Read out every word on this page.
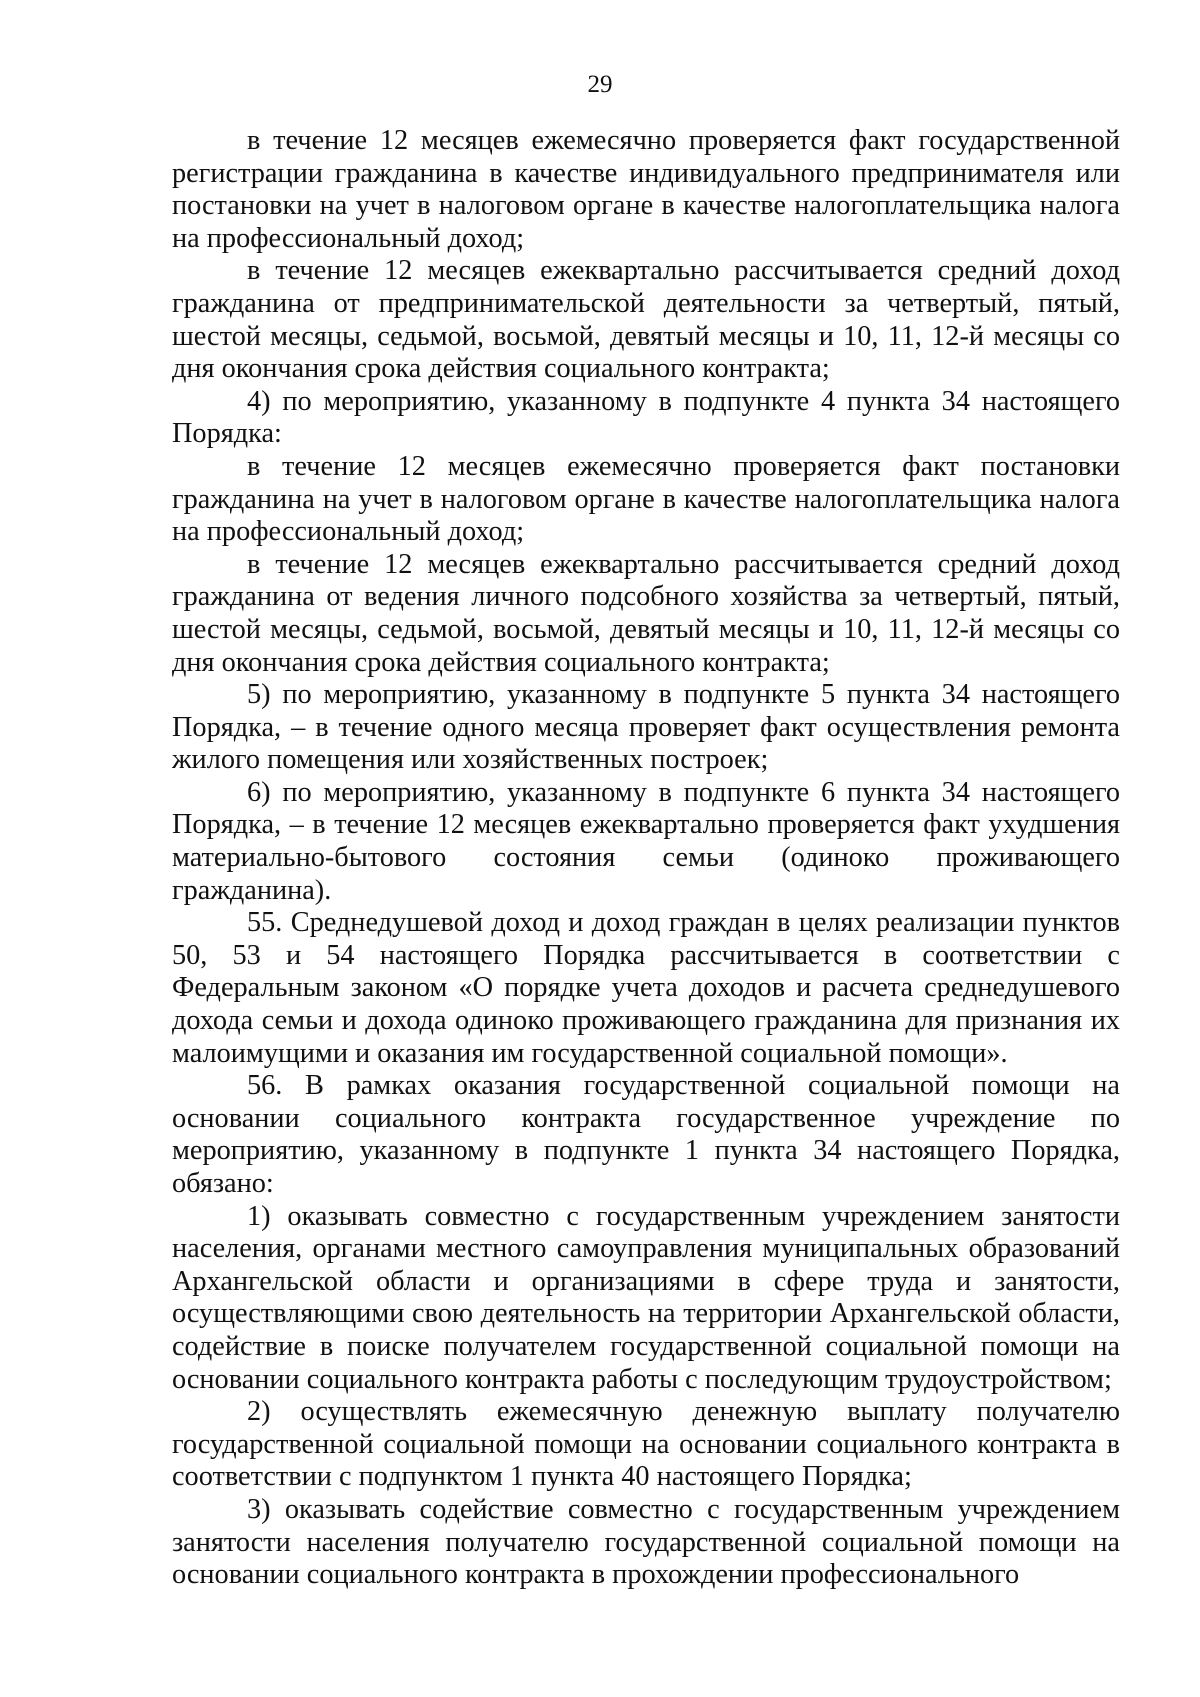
29

в течение 12 месяцев ежемесячно проверяется факт государственной регистрации гражданина в качестве индивидуального предпринимателя или постановки на учет в налоговом органе в качестве налогоплательщика налога на профессиональный доход;

в течение 12 месяцев ежеквартально рассчитывается средний доход гражданина от предпринимательской деятельности за четвертый, пятый, шестой месяцы, седьмой, восьмой, девятый месяцы и 10, 11, 12-й месяцы со дня окончания срока действия социального контракта;

4) по мероприятию, указанному в подпункте 4 пункта 34 настоящего Порядка:

в течение 12 месяцев ежемесячно проверяется факт постановки гражданина на учет в налоговом органе в качестве налогоплательщика налога на профессиональный доход;

в течение 12 месяцев ежеквартально рассчитывается средний доход гражданина от ведения личного подсобного хозяйства за четвертый, пятый, шестой месяцы, седьмой, восьмой, девятый месяцы и 10, 11, 12-й месяцы со дня окончания срока действия социального контракта;

5) по мероприятию, указанному в подпункте 5 пункта 34 настоящего Порядка, – в течение одного месяца проверяет факт осуществления ремонта жилого помещения или хозяйственных построек;

6) по мероприятию, указанному в подпункте 6 пункта 34 настоящего Порядка, – в течение 12 месяцев ежеквартально проверяется факт ухудшения материально-бытового состояния семьи (одиноко проживающего гражданина).

55. Среднедушевой доход и доход граждан в целях реализации пунктов 50, 53 и 54 настоящего Порядка рассчитывается в соответствии с Федеральным законом «О порядке учета доходов и расчета среднедушевого дохода семьи и дохода одиноко проживающего гражданина для признания их малоимущими и оказания им государственной социальной помощи».

56. В рамках оказания государственной социальной помощи на основании социального контракта государственное учреждение по мероприятию, указанному в подпункте 1 пункта 34 настоящего Порядка, обязано:

1) оказывать совместно с государственным учреждением занятости населения, органами местного самоуправления муниципальных образований Архангельской области и организациями в сфере труда и занятости, осуществляющими свою деятельность на территории Архангельской области, содействие в поиске получателем государственной социальной помощи на основании социального контракта работы с последующим трудоустройством;

2) осуществлять ежемесячную денежную выплату получателю государственной социальной помощи на основании социального контракта в соответствии с подпунктом 1 пункта 40 настоящего Порядка;

3) оказывать содействие совместно с государственным учреждением занятости населения получателю государственной социальной помощи на основании социального контракта в прохождении профессионального
